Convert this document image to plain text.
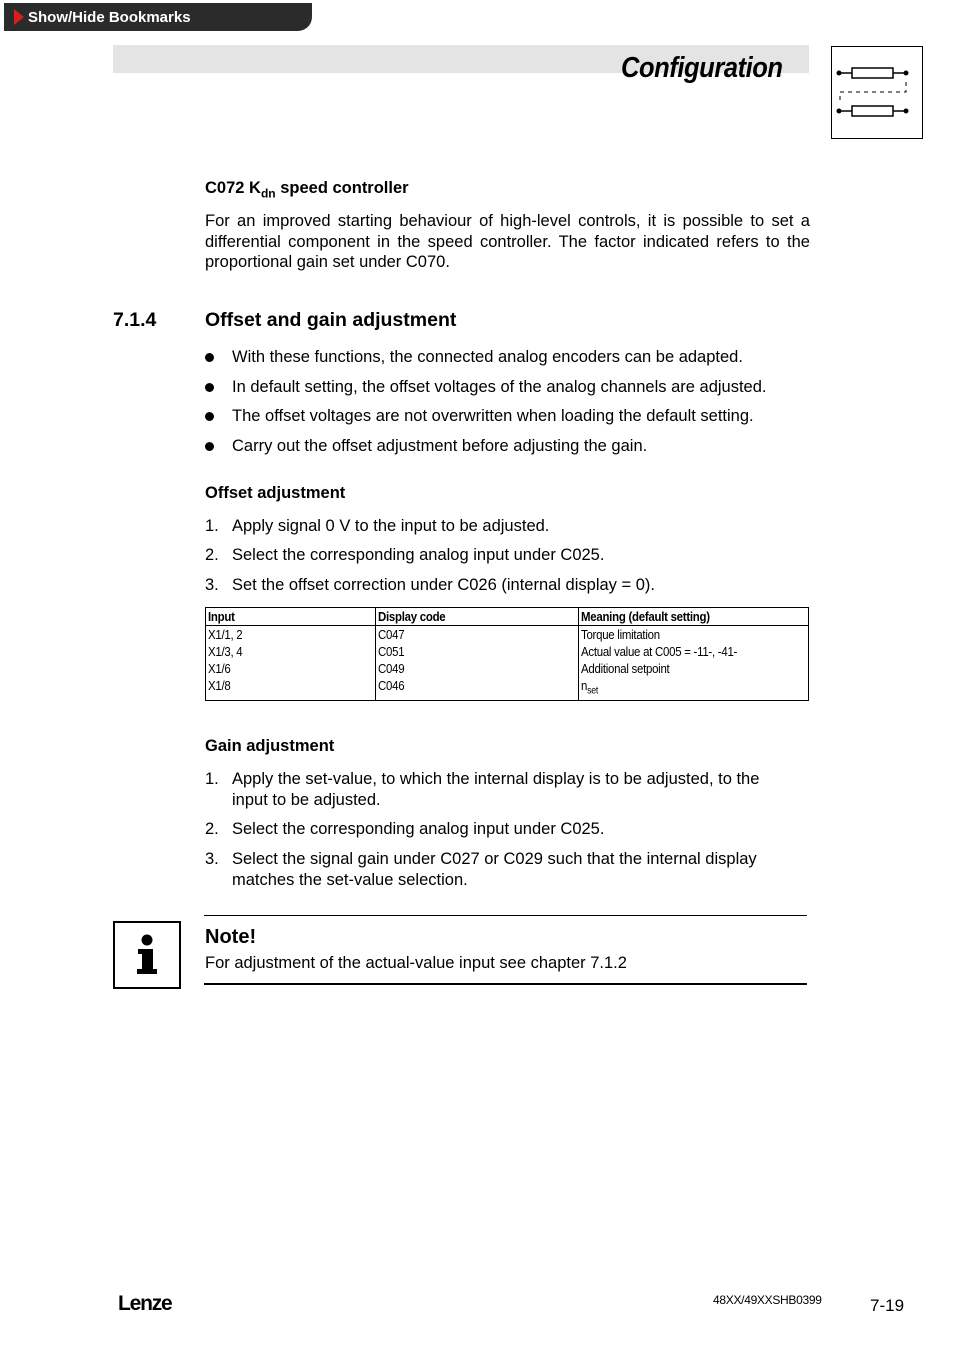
Show/Hide Bookmarks
Configuration
C072 $K_{dn}$ speed controller
For an improved starting behaviour of high-level controls, it is possible to set a differential component in the speed controller. The factor indicated refers to the proportional gain set under C070.
7.1.4 Offset and gain adjustment
With these functions, the connected analog encoders can be adapted.
In default setting, the offset voltages of the analog channels are adjusted.
The offset voltages are not overwritten when loading the default setting.
Carry out the offset adjustment before adjusting the gain.
Offset adjustment
1. Apply signal 0 V to the input to be adjusted.
2. Select the corresponding analog input under C025.
3. Set the offset correction under C026 (internal display = 0).
Input	Display code	Meaning (default setting)
X1/1, 2	C047	Torque limitation
X1/3, 4	C051	Actual value at C005 = -11-, -41-
X1/6	C049	Additional setpoint
X1/8	C046	$n_{set}$
Gain adjustment
1. Apply the set-value, to which the internal display is to be adjusted, to the input to be adjusted.
2. Select the corresponding analog input under C025.
3. Select the signal gain under C027 or C029 such that the internal display matches the set-value selection.
Note!
For adjustment of the actual-value input see chapter 7.1.2
Lenze	48XX/49XXSHB0399	7-19
